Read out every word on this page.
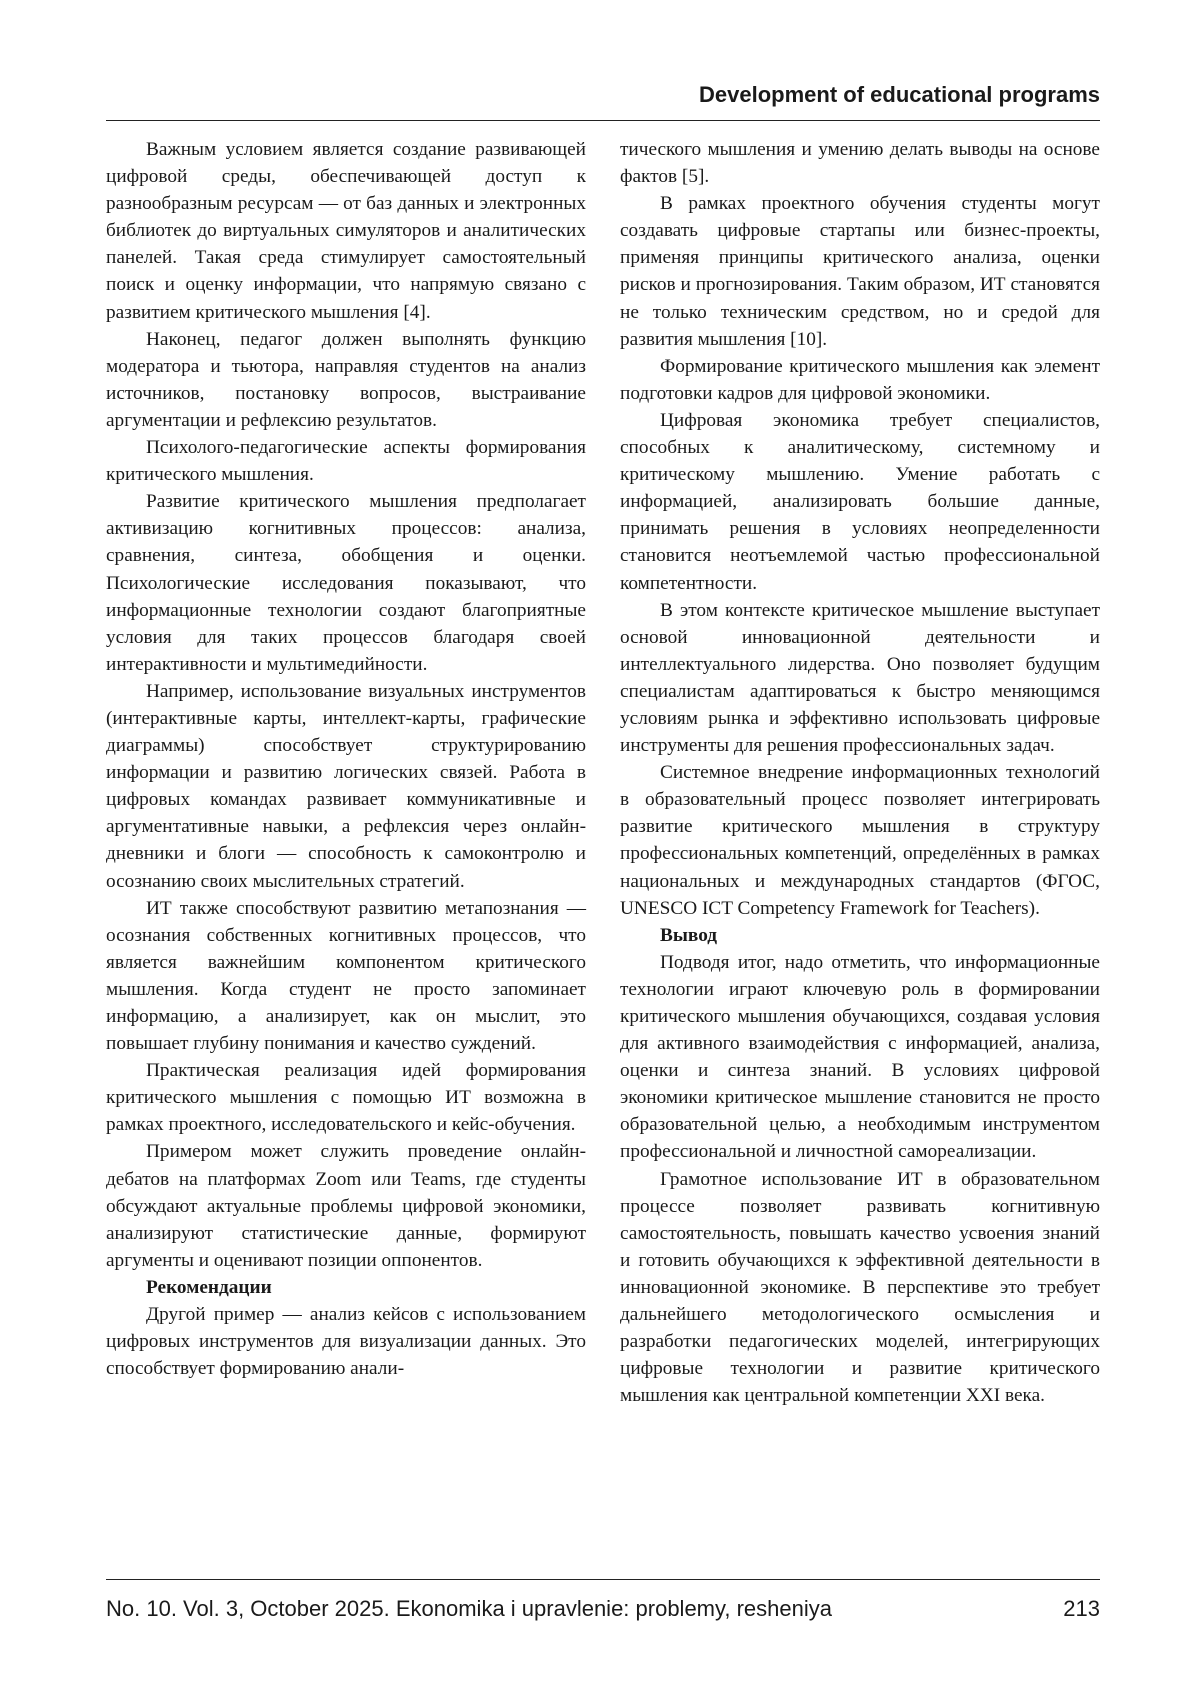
Development of educational programs

Важным условием является создание развивающей цифровой среды, обеспечивающей доступ к разнообразным ресурсам — от баз данных и электронных библиотек до виртуальных симуляторов и аналитических панелей. Такая среда стимулирует самостоятельный поиск и оценку информации, что напрямую связано с развитием критического мышления [4].

Наконец, педагог должен выполнять функцию модератора и тьютора, направляя студентов на анализ источников, постановку вопросов, выстраивание аргументации и рефлексию результатов.

Психолого-педагогические аспекты формирования критического мышления.

Развитие критического мышления предполагает активизацию когнитивных процессов: анализа, сравнения, синтеза, обобщения и оценки. Психологические исследования показывают, что информационные технологии создают благоприятные условия для таких процессов благодаря своей интерактивности и мультимедийности.

Например, использование визуальных инструментов (интерактивные карты, интеллект-карты, графические диаграммы) способствует структурированию информации и развитию логических связей. Работа в цифровых командах развивает коммуникативные и аргументативные навыки, а рефлексия через онлайн-дневники и блоги — способность к самоконтролю и осознанию своих мыслительных стратегий.

ИТ также способствуют развитию метапознания — осознания собственных когнитивных процессов, что является важнейшим компонентом критического мышления. Когда студент не просто запоминает информацию, а анализирует, как он мыслит, это повышает глубину понимания и качество суждений.

Практическая реализация идей формирования критического мышления с помощью ИТ возможна в рамках проектного, исследовательского и кейс-обучения.

Примером может служить проведение онлайн-дебатов на платформах Zoom или Teams, где студенты обсуждают актуальные проблемы цифровой экономики, анализируют статистические данные, формируют аргументы и оценивают позиции оппонентов.

Рекомендации

Другой пример — анализ кейсов с использованием цифровых инструментов для визуализации данных. Это способствует формированию анали-

тического мышления и умению делать выводы на основе фактов [5].

В рамках проектного обучения студенты могут создавать цифровые стартапы или бизнес-проекты, применяя принципы критического анализа, оценки рисков и прогнозирования. Таким образом, ИТ становятся не только техническим средством, но и средой для развития мышления [10].

Формирование критического мышления как элемент подготовки кадров для цифровой экономики.

Цифровая экономика требует специалистов, способных к аналитическому, системному и критическому мышлению. Умение работать с информацией, анализировать большие данные, принимать решения в условиях неопределенности становится неотъемлемой частью профессиональной компетентности.

В этом контексте критическое мышление выступает основой инновационной деятельности и интеллектуального лидерства. Оно позволяет будущим специалистам адаптироваться к быстро меняющимся условиям рынка и эффективно использовать цифровые инструменты для решения профессиональных задач.

Системное внедрение информационных технологий в образовательный процесс позволяет интегрировать развитие критического мышления в структуру профессиональных компетенций, определённых в рамках национальных и международных стандартов (ФГОС, UNESCO ICT Competency Framework for Teachers).

Вывод

Подводя итог, надо отметить, что информационные технологии играют ключевую роль в формировании критического мышления обучающихся, создавая условия для активного взаимодействия с информацией, анализа, оценки и синтеза знаний. В условиях цифровой экономики критическое мышление становится не просто образовательной целью, а необходимым инструментом профессиональной и личностной самореализации.

Грамотное использование ИТ в образовательном процессе позволяет развивать когнитивную самостоятельность, повышать качество усвоения знаний и готовить обучающихся к эффективной деятельности в инновационной экономике. В перспективе это требует дальнейшего методологического осмысления и разработки педагогических моделей, интегрирующих цифровые технологии и развитие критического мышления как центральной компетенции XXI века.

No. 10. Vol. 3, October 2025. Ekonomika i upravlenie: problemy, resheniya	213
